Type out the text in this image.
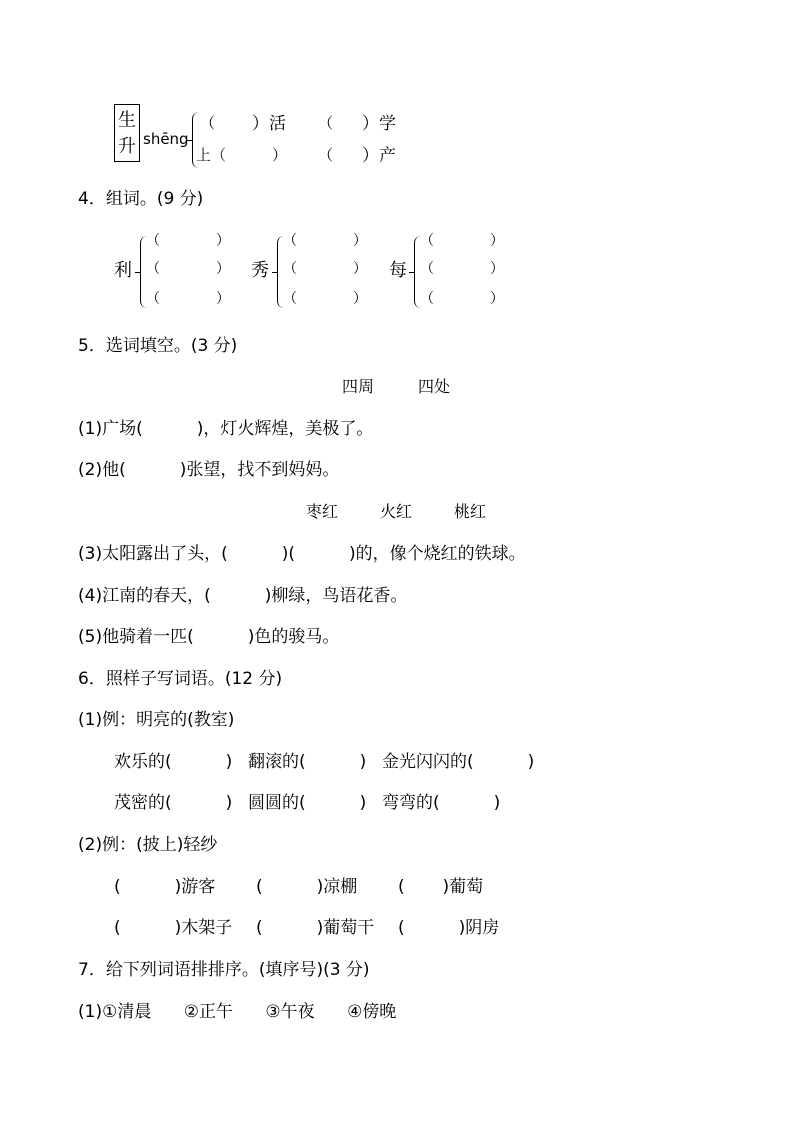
生
升 shēng
（ ）活 （ ）学
上（	） （ ）产
4．组词。(9 分)
利
（	）
（	）
（	）
秀
（	）
（	）
（	）
每
（	）
（	）
（	）
5．选词填空。(3 分)
四周	四处
(1)广场(          )，灯火辉煌，美极了。
(2)他(          )张望，找不到妈妈。
枣红	火红	桃红
(3)太阳露出了头，(          )(          )的，像个烧红的铁球。
(4)江南的春天，(          )柳绿，鸟语花香。
(5)他骑着一匹(          )色的骏马。
6．照样子写词语。(12 分)
(1)例：明亮的(教室)
欢乐的(          ) 翻滚的(          ) 金光闪闪的(          )
茂密的(          ) 圆圆的(          ) 弯弯的(          )
(2)例：(披上)轻纱
(          )游客 (          )凉棚 (       )葡萄
(          )木架子 (          )葡萄干 (          )阴房
7．给下列词语排排序。(填序号)(3 分)
(1)①清晨      ②正午      ③午夜      ④傍晚
